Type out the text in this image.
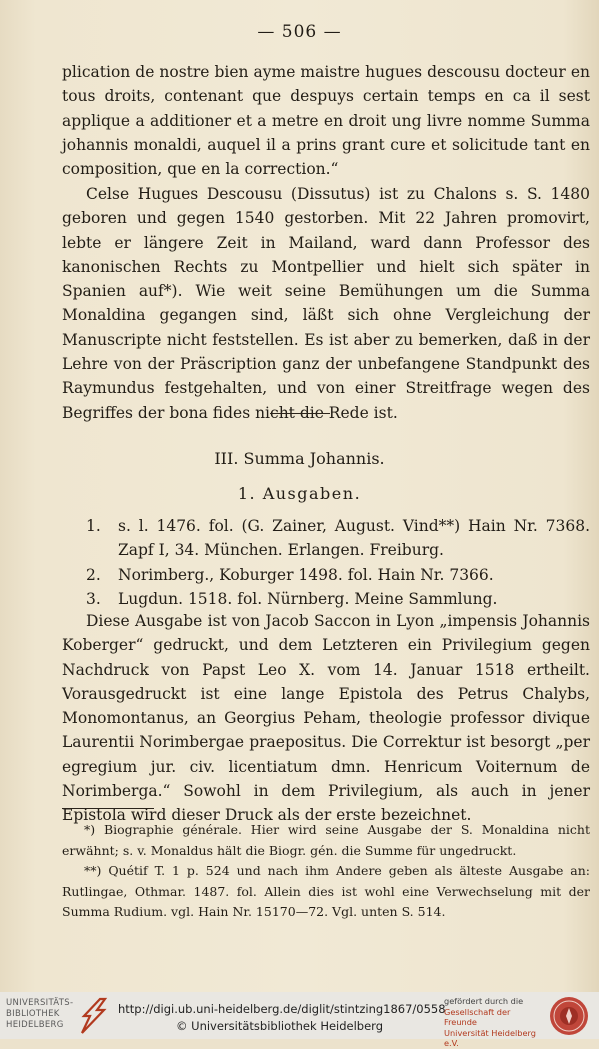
— 506 —

plication de nostre bien ayme maistre hugues descousu docteur en tous droits, contenant que despuys certain temps en ca il sest applique a additioner et a metre en droit ung livre nomme Summa johannis monaldi, auquel il a prins grant cure et solicitude tant en composition, que en la correction.“

Celse Hugues Descousu (Dissutus) ist zu Chalons s. S. 1480 geboren und gegen 1540 gestorben. Mit 22 Jahren promovirt, lebte er längere Zeit in Mailand, ward dann Professor des kanonischen Rechts zu Montpellier und hielt sich später in Spanien auf*). Wie weit seine Bemühungen um die Summa Monaldina gegangen sind, läßt sich ohne Vergleichung der Manuscripte nicht feststellen. Es ist aber zu bemerken, daß in der Lehre von der Präscription ganz der unbefangene Standpunkt des Raymundus festgehalten, und von einer Streitfrage wegen des Begriffes der bona fides nicht die Rede ist.

III. Summa Johannis.
1. Ausgaben.
1. s. l. 1476. fol. (G. Zainer, August. Vind**) Hain Nr. 7368. Zapf I, 34. München. Erlangen. Freiburg.
2. Norimberg., Koburger 1498. fol. Hain Nr. 7366.
3. Lugdun. 1518. fol. Nürnberg. Meine Sammlung.

Diese Ausgabe ist von Jacob Saccon in Lyon „impensis Johannis Koberger“ gedruckt, und dem Letzteren ein Privilegium gegen Nachdruck von Papst Leo X. vom 14. Januar 1518 ertheilt. Vorausgedruckt ist eine lange Epistola des Petrus Chalybs, Monomontanus, an Georgius Peham, theologie professor divique Laurentii Norimbergae praepositus. Die Correktur ist besorgt „per egregium jur. civ. licentiatum dmn. Henricum Voiternum de Norimberga.“ Sowohl in dem Privilegium, als auch in jener Epistola wird dieser Druck als der erste bezeichnet.

*) Biographie générale. Hier wird seine Ausgabe der S. Monaldina nicht erwähnt; s. v. Monaldus hält die Biogr. gén. die Summe für ungedruckt.

**) Quétif T. 1 p. 524 und nach ihm Andere geben als älteste Ausgabe an: Rutlingae, Othmar. 1487. fol. Allein dies ist wohl eine Verwechselung mit der Summa Rudium. vgl. Hain Nr. 15170—72. Vgl. unten S. 514.

UNIVERSITÄTS-
BIBLIOTHEK
HEIDELBERG
http://digi.ub.uni-heidelberg.de/diglit/stintzing1867/0558
© Universitätsbibliothek Heidelberg
gefördert durch die
Gesellschaft der Freunde
Universität Heidelberg e.V.
